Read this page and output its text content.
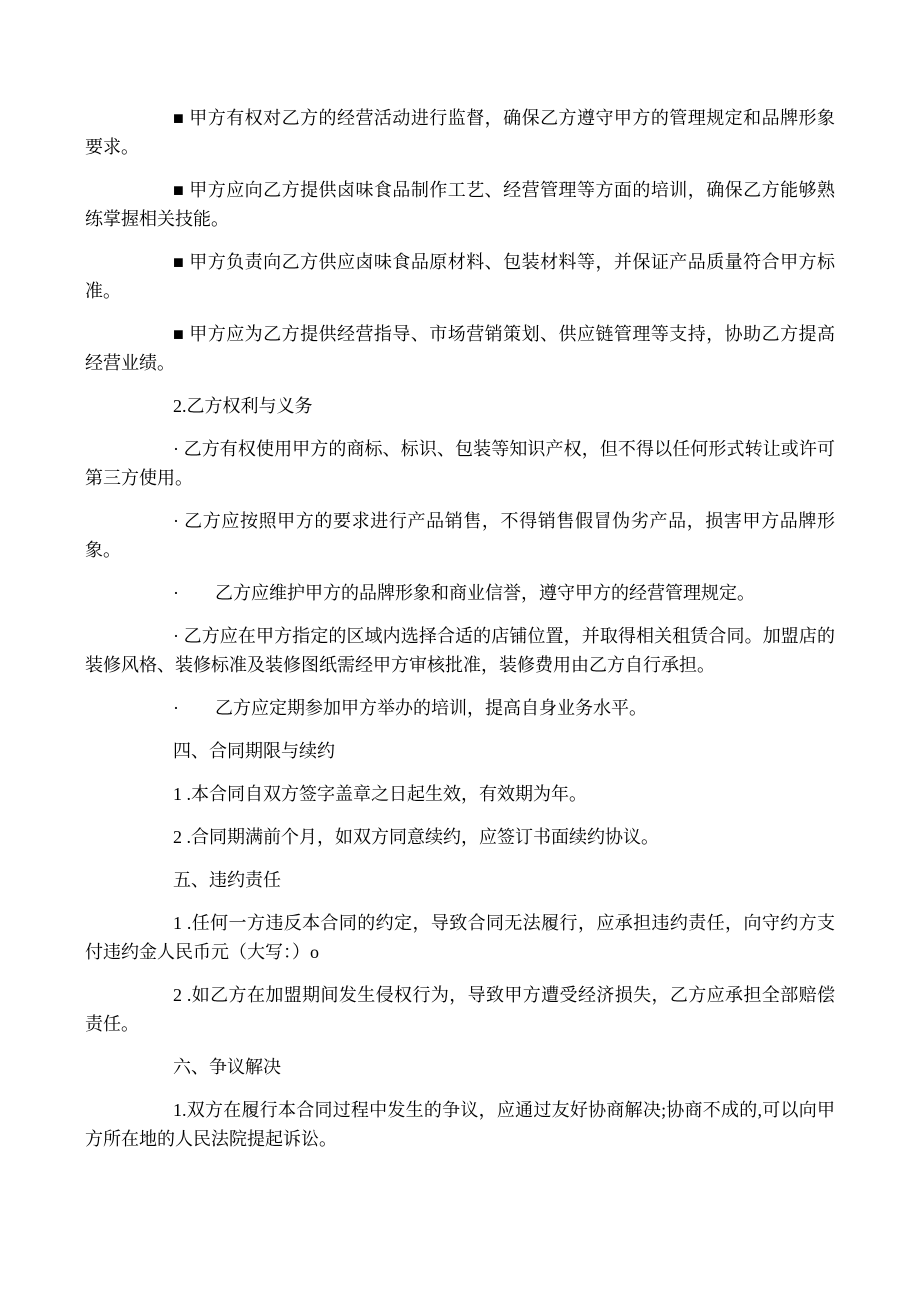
■ 甲方有权对乙方的经营活动进行监督，确保乙方遵守甲方的管理规定和品牌形象要求。
■ 甲方应向乙方提供卤味食品制作工艺、经营管理等方面的培训，确保乙方能够熟练掌握相关技能。
■ 甲方负责向乙方供应卤味食品原材料、包装材料等，并保证产品质量符合甲方标准。
■ 甲方应为乙方提供经营指导、市场营销策划、供应链管理等支持，协助乙方提高经营业绩。
2.乙方权利与义务
· 乙方有权使用甲方的商标、标识、包装等知识产权，但不得以任何形式转让或许可第三方使用。
· 乙方应按照甲方的要求进行产品销售，不得销售假冒伪劣产品，损害甲方品牌形象。
·　　乙方应维护甲方的品牌形象和商业信誉，遵守甲方的经营管理规定。
· 乙方应在甲方指定的区域内选择合适的店铺位置，并取得相关租赁合同。加盟店的装修风格、装修标准及装修图纸需经甲方审核批准，装修费用由乙方自行承担。
·　　乙方应定期参加甲方举办的培训，提高自身业务水平。
四、合同期限与续约
1 .本合同自双方签字盖章之日起生效，有效期为年。
2 .合同期满前个月，如双方同意续约，应签订书面续约协议。
五、违约责任
1 .任何一方违反本合同的约定，导致合同无法履行，应承担违约责任，向守约方支付违约金人民币元（大写：）o
2 .如乙方在加盟期间发生侵权行为，导致甲方遭受经济损失，乙方应承担全部赔偿责任。
六、争议解决
1.双方在履行本合同过程中发生的争议，应通过友好协商解决;协商不成的,可以向甲方所在地的人民法院提起诉讼。
